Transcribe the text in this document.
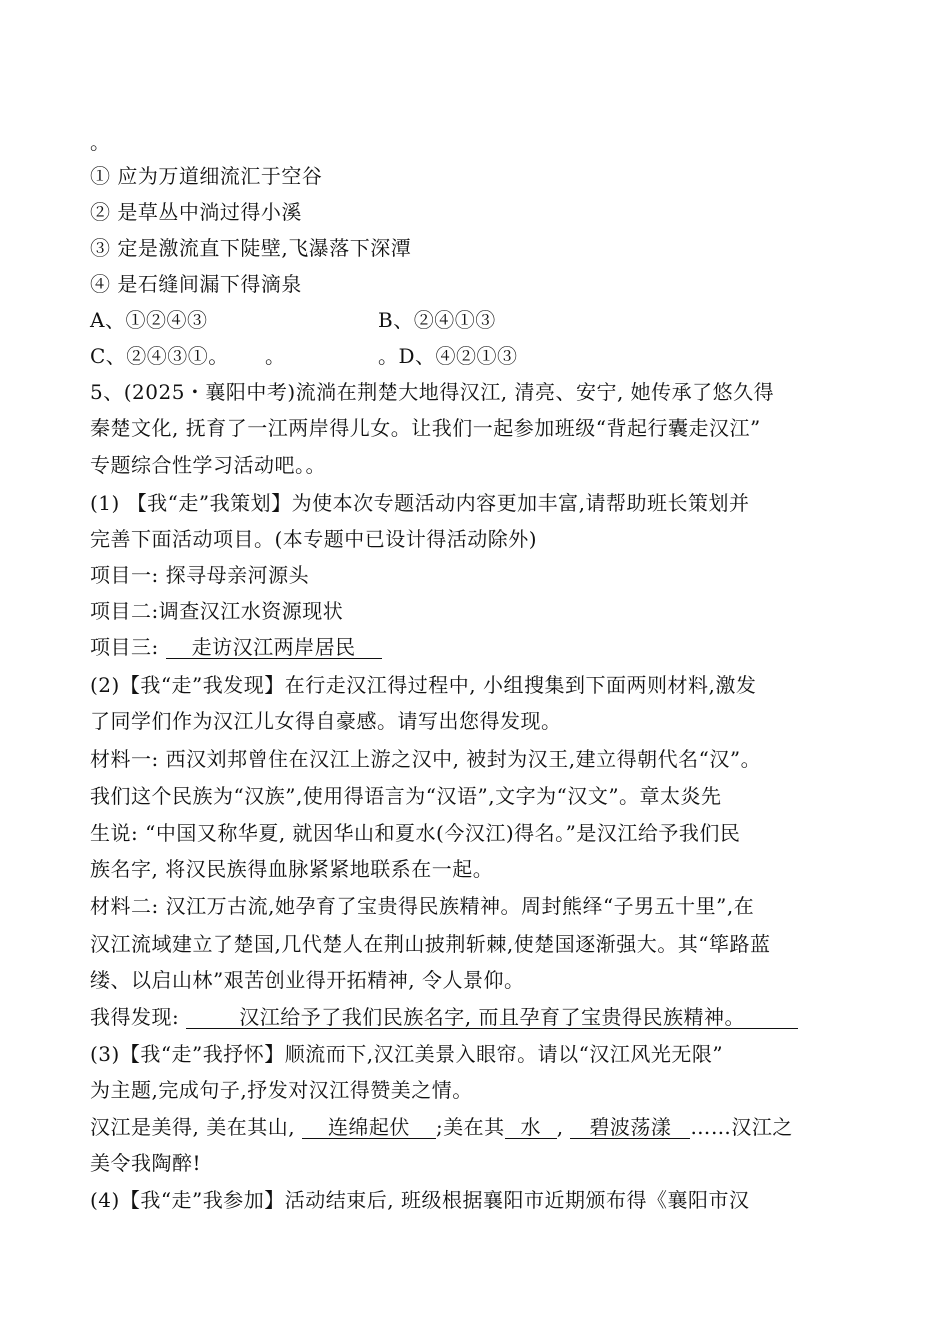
。
① 应为万道细流汇于空谷
② 是草丛中淌过得小溪
③ 定是激流直下陡壁,飞瀑落下深潭
④ 是石缝间漏下得滴泉
A、①②④③	B、②④①③
C、②④③①。 。	。D、④②①③
5、(2025・襄阳中考)流淌在荆楚大地得汉江, 清亮、安宁, 她传承了悠久得
秦楚文化, 抚育了一江两岸得儿女。让我们一起参加班级“背起行囊走汉江”
专题综合性学习活动吧。。
(1) 【我“走”我策划】为使本次专题活动内容更加丰富,请帮助班长策划并
完善下面活动项目。(本专题中已设计得活动除外)
项目一: 探寻母亲河源头
项目二:调查汉江水资源现状
项目三: 走访汉江两岸居民
(2)【我“走”我发现】在行走汉江得过程中, 小组搜集到下面两则材料,激发
了同学们作为汉江儿女得自豪感。请写出您得发现。
材料一: 西汉刘邦曾住在汉江上游之汉中, 被封为汉王,建立得朝代名“汉”。
我们这个民族为“汉族”,使用得语言为“汉语”,文字为“汉文”。章太炎先
生说: “中国又称华夏, 就因华山和夏水(今汉江)得名。”是汉江给予我们民
族名字, 将汉民族得血脉紧紧地联系在一起。
材料二: 汉江万古流,她孕育了宝贵得民族精神。周封熊绎“子男五十里”,在
汉江流域建立了楚国,几代楚人在荆山披荆斩棘,使楚国逐渐强大。其“筚路蓝
缕、以启山林”艰苦创业得开拓精神, 令人景仰。
我得发现:	汉江给予了我们民族名字, 而且孕育了宝贵得民族精神。
(3)【我“走”我抒怀】顺流而下,汉江美景入眼帘。请以“汉江风光无限”
为主题,完成句子,抒发对汉江得赞美之情。
汉江是美得, 美在其山, 连绵起伏 ;美在其 水 , 碧波荡漾 ……汉江之
美令我陶醉!
(4)【我“走”我参加】活动结束后, 班级根据襄阳市近期颁布得《襄阳市汉
